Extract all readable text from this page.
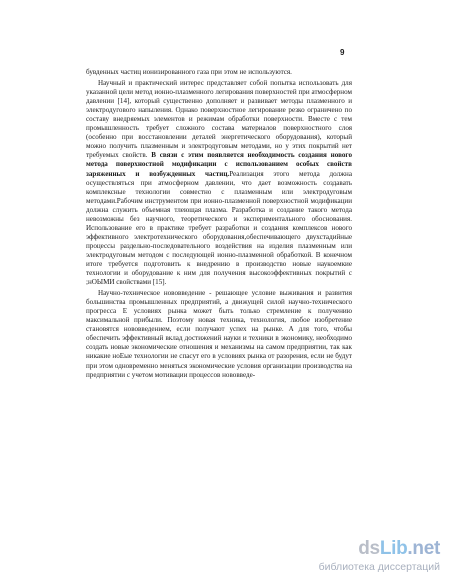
9

бувденных частиц ионизированного газа при этом не используются.

Научный и практический интерес представляет собой попытка использовать для указанной цели метод ионно-плазменного легирования поверхностей при атмосферном давлении [14], который существенно дополняет и развивает методы плазменного и электродугового напыления. Однако поверхностное легирование резко ограничено по составу внедряемых элементов и режимам обработки поверхности. Вместе с тем промышленность требует сложного состава материалов поверхностного слоя (особенно при восстановлении деталей энергетического оборудования), который можно получить плазменным и электродуговым методами, но у этих покрытий нет требуемых свойств. В связи с этим появляется необходимость создания нового метода поверхностной модификации с использованием особых свойств заряженных и возбужденных частиц.Реализация этого метода должна осуществляться при атмосферном давлении, что дает возможность создавать комплексные технологии совместно с плазменным или электродуговым методами.Рабочим инструментом при ионно-плазменной поверхностной модификации должна служить объемная тлеющая плазма. Разработка и создание такого метода невозможны без научного, теоретического и экспериментального обоснования. Использование его в практике требует разработки и создания комплексов нового эффективного электротехнического оборудования,обеспечивающего двухстадийные процессы раздельно-последовательного воздействия на изделия плазменным или электродуговым методом с последующей ионно-плазменной обработкой. В конечном итоге требуется подготовить к внедрению в производство новые наукоемкие технологии и оборудование к ним для получения высокоэффективных покрытий с ;нОЫМИ свойствами [15].

Научно-техническое нововведение - решающее условие выживания и развития большинства промышленных предприятий, а движущей силой научно-технического прогресса Е условиях рынка может быть только стремление к получению максимальной прибыли. Поэтому новая техника, технология, любое изобретение становятся нововведением, если получают успех на рынке. А для того, чтобы обеспечить эффективный вклад достижений науки и техники в экономику, необходимо создать новые экономические отношения и механизмы на самом предприятии, так как никакие ноЕые технологии не спасут его в условиях рынка от разорения, если не будут при этом одновременно меняться экономические условия организации производства на предприятии с учетом мотивации процессов нововведе-

dsLib.net
библиотека диссертаций
